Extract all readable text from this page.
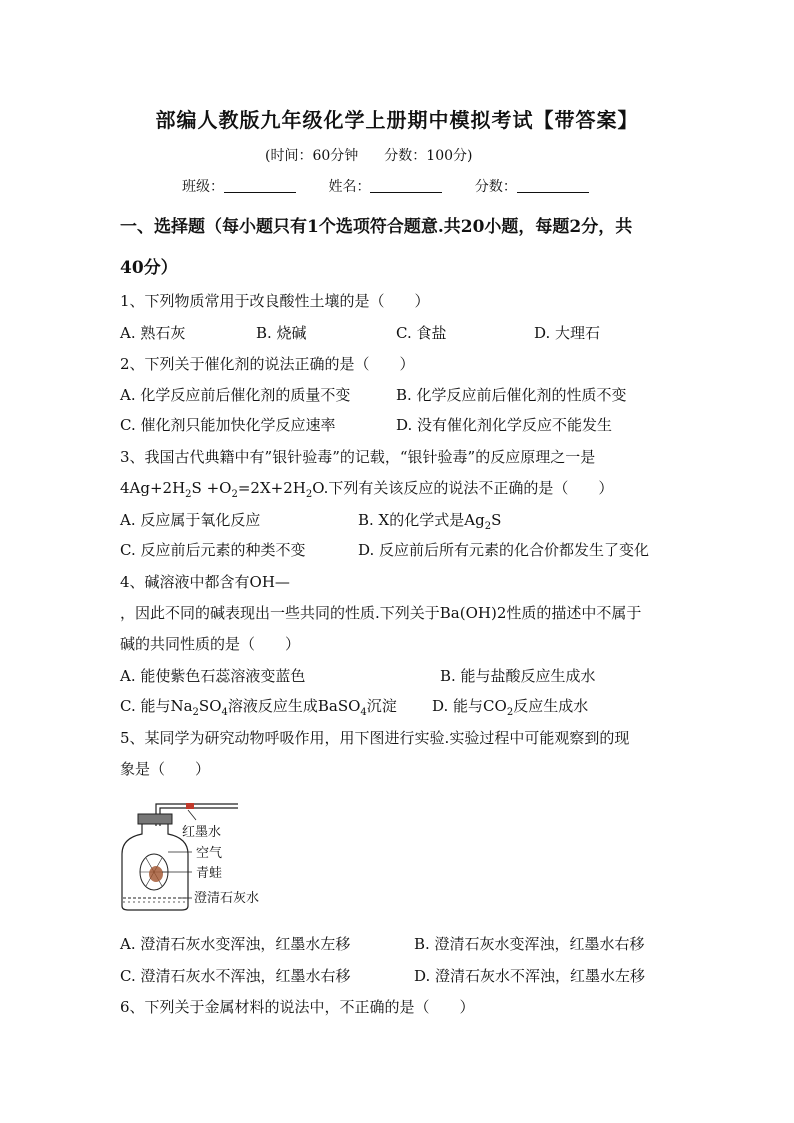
部编人教版九年级化学上册期中模拟考试【带答案】
(时间：60分钟 分数：100分)
班级：	姓名：	分数：
一、选择题（每小题只有1个选项符合题意.共20小题，每题2分，共
40分）
1、下列物质常用于改良酸性土壤的是（　　）
A. 熟石灰	B. 烧碱	C. 食盐	D. 大理石
2、下列关于催化剂的说法正确的是（　　）
A. 化学反应前后催化剂的质量不变	B. 化学反应前后催化剂的性质不变
C. 催化剂只能加快化学反应速率	D. 没有催化剂化学反应不能发生
3、我国古代典籍中有”银针验毒”的记载，“银针验毒”的反应原理之一是
$4Ag+2H_2S +O_2=2X+2H_2O$.下列有关该反应的说法不正确的是（　　）
A. 反应属于氧化反应	B. X的化学式是$Ag_2S$
C. 反应前后元素的种类不变	D. 反应前后所有元素的化合价都发生了变化
4、碱溶液中都含有OH—
，因此不同的碱表现出一些共同的性质.下列关于Ba(OH)2性质的描述中不属于
碱的共同性质的是（　　）
A. 能使紫色石蕊溶液变蓝色	B. 能与盐酸反应生成水
C. 能与$Na_2SO_4$溶液反应生成BaSO$_4$沉淀 D. 能与$CO_2$反应生成水
5、某同学为研究动物呼吸作用，用下图进行实验.实验过程中可能观察到的现
象是（　　）
红墨水
空气
青蛙
澄清石灰水
A. 澄清石灰水变浑浊，红墨水左移	B. 澄清石灰水变浑浊，红墨水右移
C. 澄清石灰水不浑浊，红墨水右移	D. 澄清石灰水不浑浊，红墨水左移
6、下列关于金属材料的说法中，不正确的是（　　）
